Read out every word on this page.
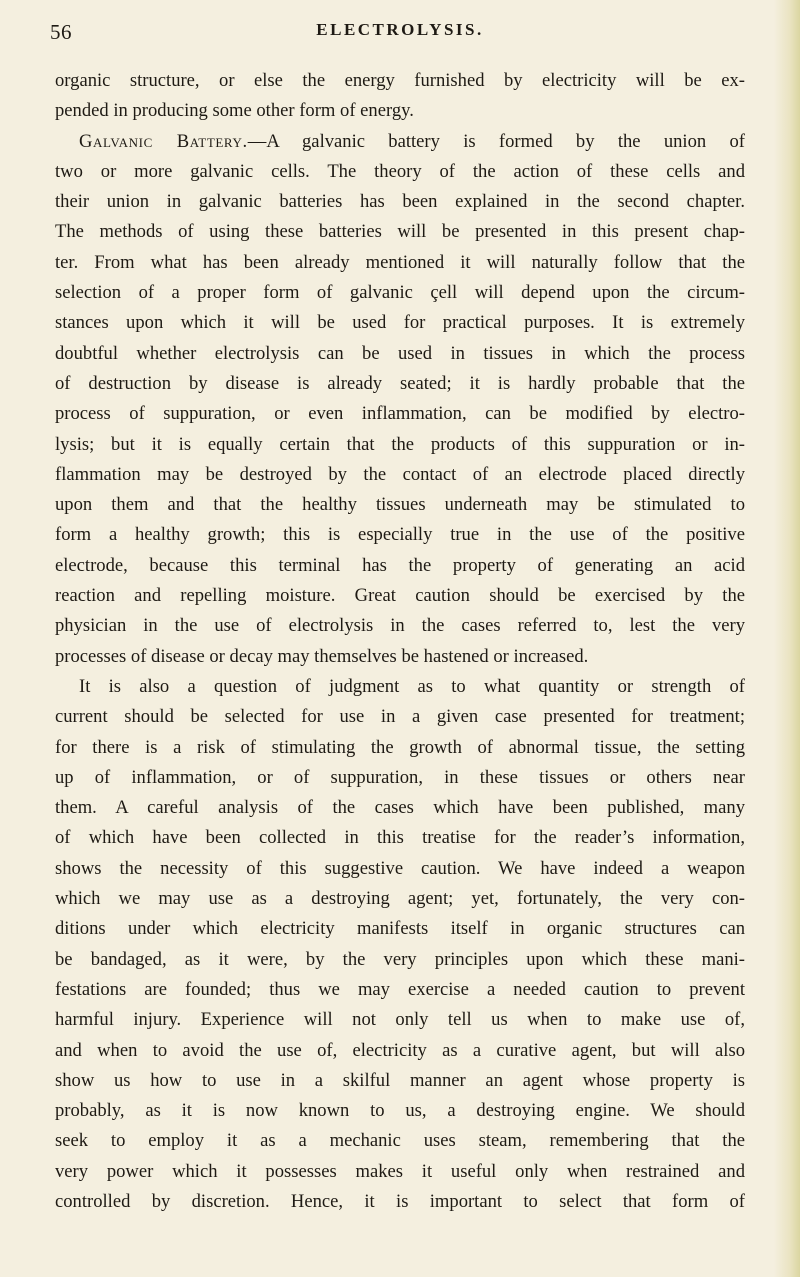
56	ELECTROLYSIS.
organic structure, or else the energy furnished by electricity will be ex-
pended in producing some other form of energy.
Galvanic Battery.—A galvanic battery is formed by the union of
two or more galvanic cells. The theory of the action of these cells and
their union in galvanic batteries has been explained in the second chapter.
The methods of using these batteries will be presented in this present chap-
ter. From what has been already mentioned it will naturally follow that the
selection of a proper form of galvanic çell will depend upon the circum-
stances upon which it will be used for practical purposes. It is extremely
doubtful whether electrolysis can be used in tissues in which the process
of destruction by disease is already seated; it is hardly probable that the
process of suppuration, or even inflammation, can be modified by electro-
lysis; but it is equally certain that the products of this suppuration or in-
flammation may be destroyed by the contact of an electrode placed directly
upon them and that the healthy tissues underneath may be stimulated to
form a healthy growth; this is especially true in the use of the positive
electrode, because this terminal has the property of generating an acid
reaction and repelling moisture. Great caution should be exercised by the
physician in the use of electrolysis in the cases referred to, lest the very
processes of disease or decay may themselves be hastened or increased.
It is also a question of judgment as to what quantity or strength of
current should be selected for use in a given case presented for treatment;
for there is a risk of stimulating the growth of abnormal tissue, the setting
up of inflammation, or of suppuration, in these tissues or others near
them. A careful analysis of the cases which have been published, many
of which have been collected in this treatise for the reader’s information,
shows the necessity of this suggestive caution. We have indeed a weapon
which we may use as a destroying agent; yet, fortunately, the very con-
ditions under which electricity manifests itself in organic structures can
be bandaged, as it were, by the very principles upon which these mani-
festations are founded; thus we may exercise a needed caution to prevent
harmful injury. Experience will not only tell us when to make use of,
and when to avoid the use of, electricity as a curative agent, but will also
show us how to use in a skilful manner an agent whose property is
probably, as it is now known to us, a destroying engine. We should
seek to employ it as a mechanic uses steam, remembering that the
very power which it possesses makes it useful only when restrained and
controlled by discretion. Hence, it is important to select that form of
